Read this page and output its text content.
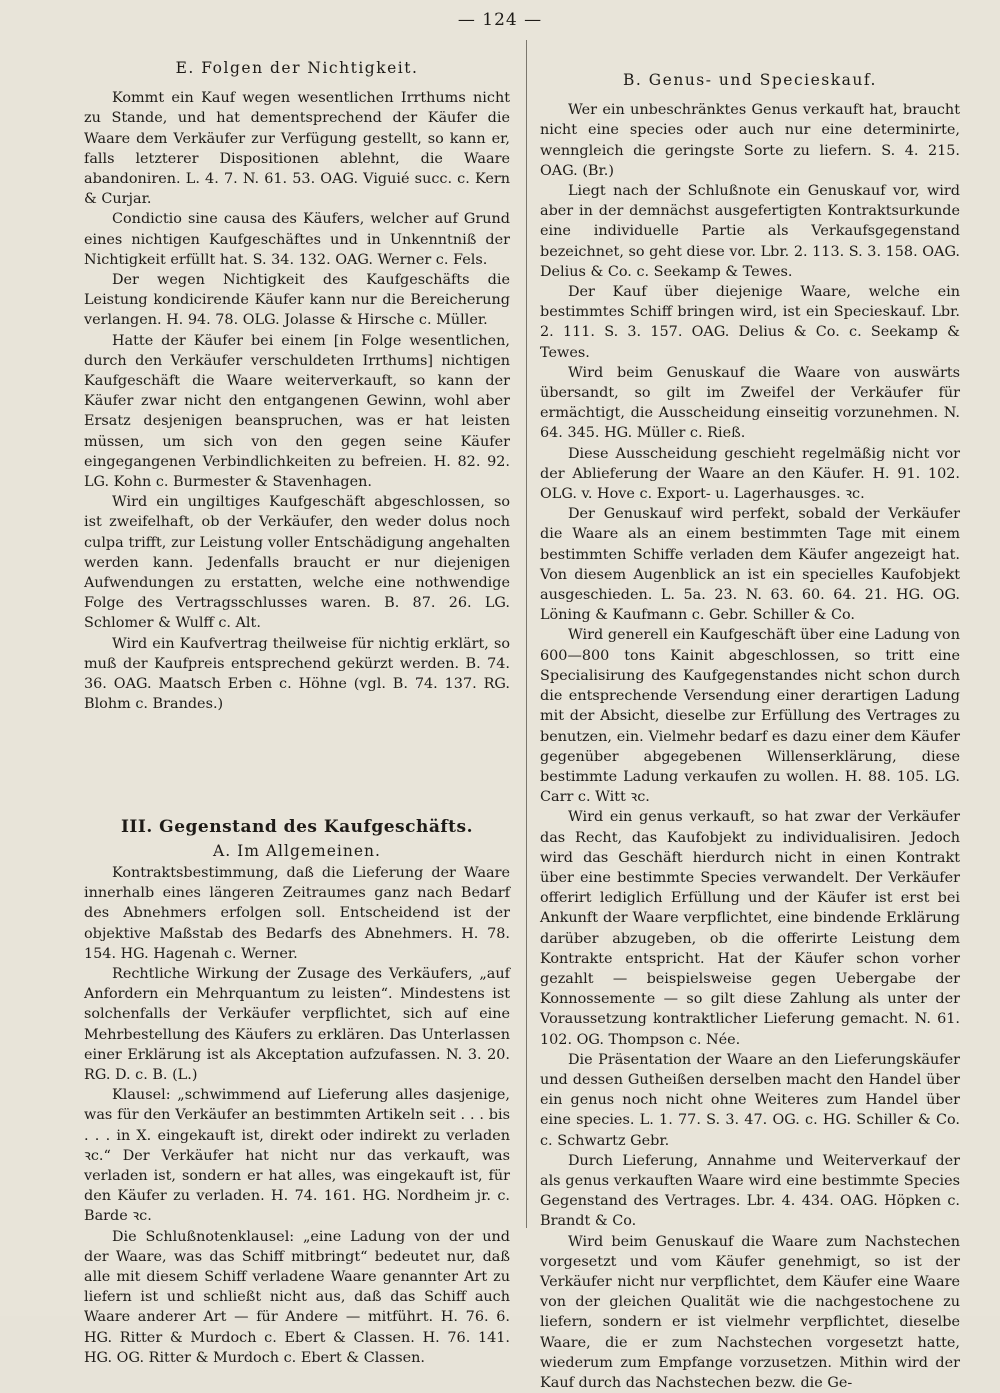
— 124 —
E. Folgen der Nichtigkeit.

Kommt ein Kauf wegen wesentlichen Irrthums nicht zu Stande, und hat dementsprechend der Käufer die Waare dem Verkäufer zur Verfügung gestellt, so kann er, falls letzterer Dispositionen ablehnt, die Waare abandoniren. L. 4. 7. N. 61. 53. OAG. Viguié succ. c. Kern & Curjar.

Condictio sine causa des Käufers, welcher auf Grund eines nichtigen Kaufgeschäftes und in Unkenntniß der Nichtigkeit erfüllt hat. S. 34. 132. OAG. Werner c. Fels.

Der wegen Nichtigkeit des Kaufgeschäfts die Leistung kondicirende Käufer kann nur die Bereicherung verlangen. H. 94. 78. OLG. Jolasse & Hirsche c. Müller.

Hatte der Käufer bei einem [in Folge wesentlichen, durch den Verkäufer verschuldeten Irrthums] nichtigen Kaufgeschäft die Waare weiterverkauft, so kann der Käufer zwar nicht den entgangenen Gewinn, wohl aber Ersatz desjenigen beanspruchen, was er hat leisten müssen, um sich von den gegen seine Käufer eingegangenen Verbindlichkeiten zu befreien. H. 82. 92. LG. Kohn c. Burmester & Stavenhagen.

Wird ein ungiltiges Kaufgeschäft abgeschlossen, so ist zweifelhaft, ob der Verkäufer, den weder dolus noch culpa trifft, zur Leistung voller Entschädigung angehalten werden kann. Jedenfalls braucht er nur diejenigen Aufwendungen zu erstatten, welche eine nothwendige Folge des Vertragsschlusses waren. B. 87. 26. LG. Schlomer & Wulff c. Alt.

Wird ein Kaufvertrag theilweise für nichtig erklärt, so muß der Kaufpreis entsprechend gekürzt werden. B. 74. 36. OAG. Maatsch Erben c. Höhne (vgl. B. 74. 137. RG. Blohm c. Brandes.)

III. Gegenstand des Kaufgeschäfts.
A. Im Allgemeinen.

Kontraktsbestimmung, daß die Lieferung der Waare innerhalb eines längeren Zeitraumes ganz nach Bedarf des Abnehmers erfolgen soll. Entscheidend ist der objektive Maßstab des Bedarfs des Abnehmers. H. 78. 154. HG. Hagenah c. Werner.

Rechtliche Wirkung der Zusage des Verkäufers, „auf Anfordern ein Mehrquantum zu leisten“. Mindestens ist solchenfalls der Verkäufer verpflichtet, sich auf eine Mehrbestellung des Käufers zu erklären. Das Unterlassen einer Erklärung ist als Akceptation aufzufassen. N. 3. 20. RG. D. c. B. (L.)

Klausel: „schwimmend auf Lieferung alles dasjenige, was für den Verkäufer an bestimmten Artikeln seit . . . bis . . . in X. eingekauft ist, direkt oder indirekt zu verladen ꝛc.“ Der Verkäufer hat nicht nur das verkauft, was verladen ist, sondern er hat alles, was eingekauft ist, für den Käufer zu verladen. H. 74. 161. HG. Nordheim jr. c. Barde ꝛc.

Die Schlußnotenklausel: „eine Ladung von der und der Waare, was das Schiff mitbringt“ bedeutet nur, daß alle mit diesem Schiff verladene Waare genannter Art zu liefern ist und schließt nicht aus, daß das Schiff auch Waare anderer Art — für Andere — mitführt. H. 76. 6. HG. Ritter & Murdoch c. Ebert & Classen. H. 76. 141. HG. OG. Ritter & Murdoch c. Ebert & Classen.

B. Genus- und Specieskauf.

Wer ein unbeschränktes Genus verkauft hat, braucht nicht eine species oder auch nur eine determinirte, wenngleich die geringste Sorte zu liefern. S. 4. 215. OAG. (Br.)

Liegt nach der Schlußnote ein Genuskauf vor, wird aber in der demnächst ausgefertigten Kontraktsurkunde eine individuelle Partie als Verkaufsgegenstand bezeichnet, so geht diese vor. Lbr. 2. 113. S. 3. 158. OAG. Delius & Co. c. Seekamp & Tewes.

Der Kauf über diejenige Waare, welche ein bestimmtes Schiff bringen wird, ist ein Specieskauf. Lbr. 2. 111. S. 3. 157. OAG. Delius & Co. c. Seekamp & Tewes.

Wird beim Genuskauf die Waare von auswärts übersandt, so gilt im Zweifel der Verkäufer für ermächtigt, die Ausscheidung einseitig vorzunehmen. N. 64. 345. HG. Müller c. Rieß.

Diese Ausscheidung geschieht regelmäßig nicht vor der Ablieferung der Waare an den Käufer. H. 91. 102. OLG. v. Hove c. Export- u. Lagerhausges. ꝛc.

Der Genuskauf wird perfekt, sobald der Verkäufer die Waare als an einem bestimmten Tage mit einem bestimmten Schiffe verladen dem Käufer angezeigt hat. Von diesem Augenblick an ist ein specielles Kaufobjekt ausgeschieden. L. 5a. 23. N. 63. 60. 64. 21. HG. OG. Löning & Kaufmann c. Gebr. Schiller & Co.

Wird generell ein Kaufgeschäft über eine Ladung von 600—800 tons Kainit abgeschlossen, so tritt eine Specialisirung des Kaufgegenstandes nicht schon durch die entsprechende Versendung einer derartigen Ladung mit der Absicht, dieselbe zur Erfüllung des Vertrages zu benutzen, ein. Vielmehr bedarf es dazu einer dem Käufer gegenüber abgegebenen Willenserklärung, diese bestimmte Ladung verkaufen zu wollen. H. 88. 105. LG. Carr c. Witt ꝛc.

Wird ein genus verkauft, so hat zwar der Verkäufer das Recht, das Kaufobjekt zu individualisiren. Jedoch wird das Geschäft hierdurch nicht in einen Kontrakt über eine bestimmte Species verwandelt. Der Verkäufer offerirt lediglich Erfüllung und der Käufer ist erst bei Ankunft der Waare verpflichtet, eine bindende Erklärung darüber abzugeben, ob die offerirte Leistung dem Kontrakte entspricht. Hat der Käufer schon vorher gezahlt — beispielsweise gegen Uebergabe der Konnossemente — so gilt diese Zahlung als unter der Voraussetzung kontraktlicher Lieferung gemacht. N. 61. 102. OG. Thompson c. Née.

Die Präsentation der Waare an den Lieferungskäufer und dessen Gutheißen derselben macht den Handel über ein genus noch nicht ohne Weiteres zum Handel über eine species. L. 1. 77. S. 3. 47. OG. c. HG. Schiller & Co. c. Schwartz Gebr.

Durch Lieferung, Annahme und Weiterverkauf der als genus verkauften Waare wird eine bestimmte Species Gegenstand des Vertrages. Lbr. 4. 434. OAG. Höpken c. Brandt & Co.

Wird beim Genuskauf die Waare zum Nachstechen vorgesetzt und vom Käufer genehmigt, so ist der Verkäufer nicht nur verpflichtet, dem Käufer eine Waare von der gleichen Qualität wie die nachgestochene zu liefern, sondern er ist vielmehr verpflichtet, dieselbe Waare, die er zum Nachstechen vorgesetzt hatte, wiederum zum Empfange vorzusetzen. Mithin wird der Kauf durch das Nachstechen bezw. die Ge-
